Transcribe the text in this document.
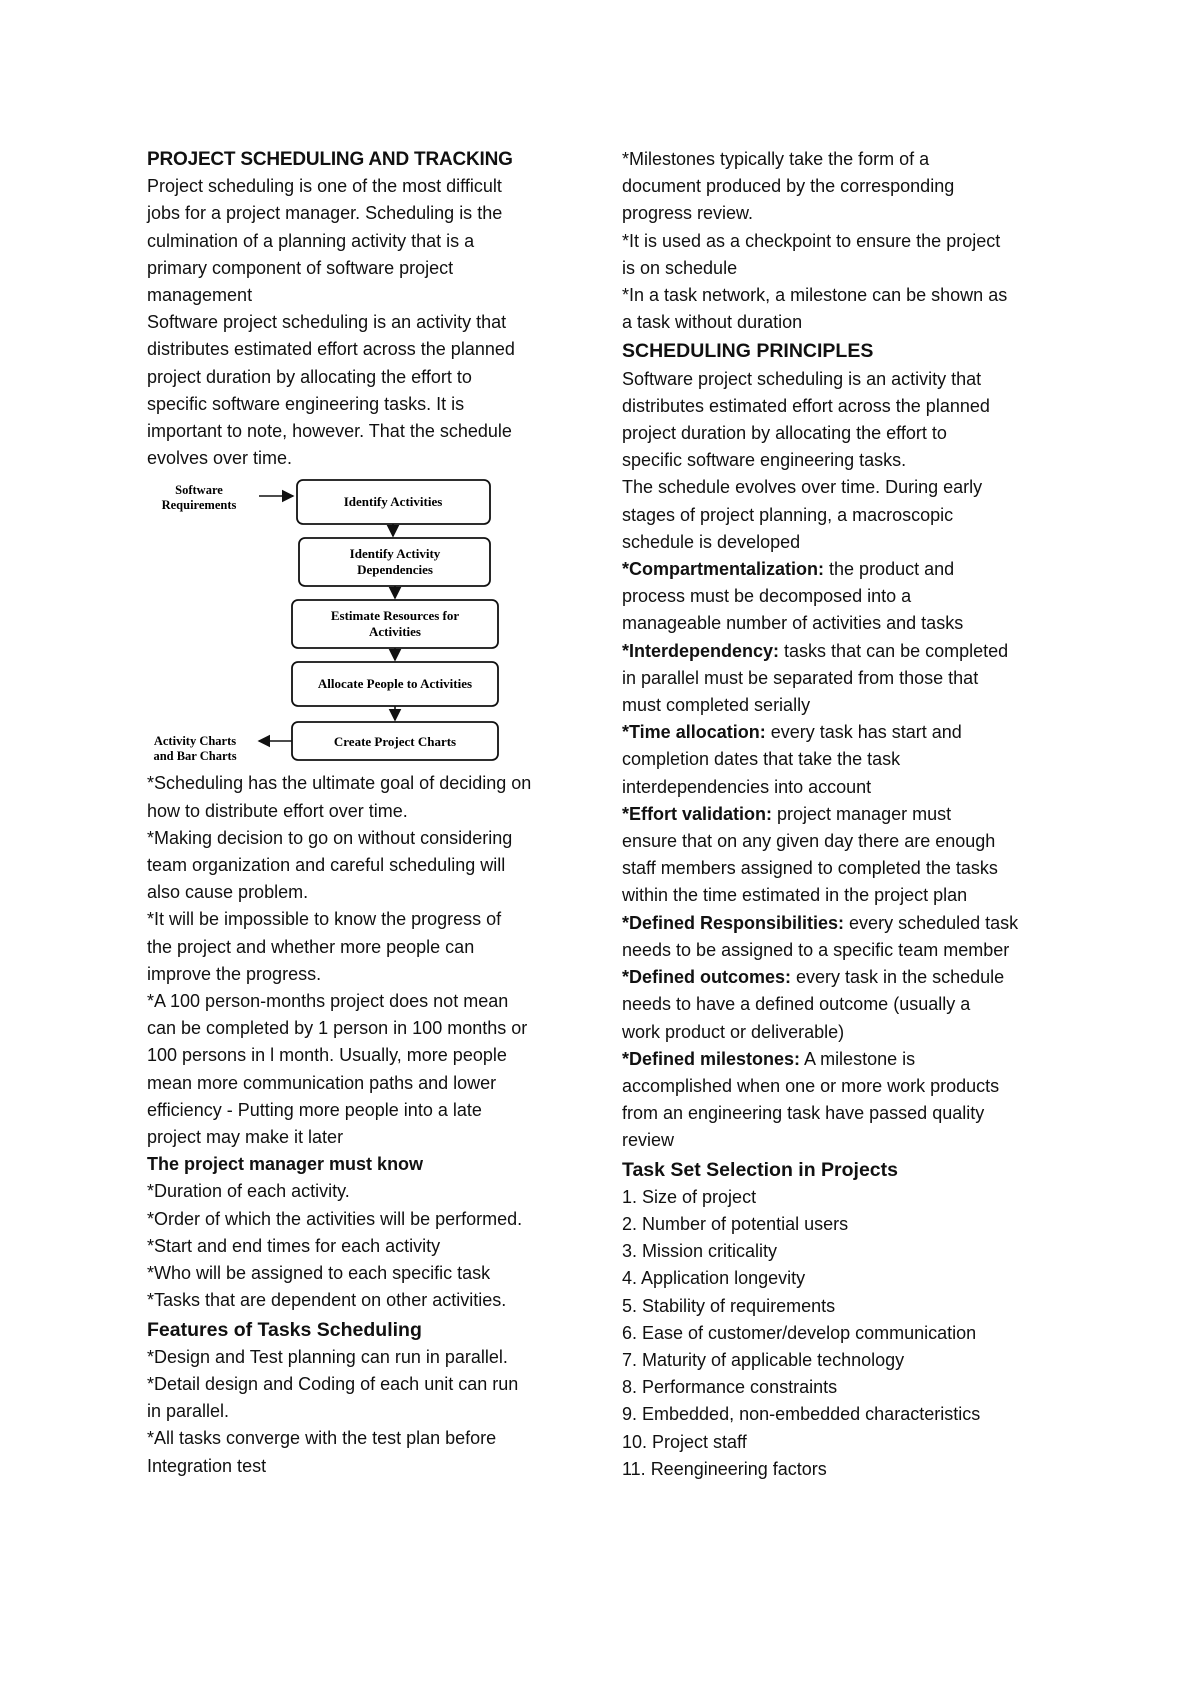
PROJECT SCHEDULING AND TRACKING
Project scheduling is one of the most difficult
jobs for a project manager. Scheduling is the
culmination of a planning activity that is a
primary component of software project
management
Software project scheduling is an activity that
distributes estimated effort across the planned
project duration by allocating the effort to
specific software engineering tasks. It is
important to note, however. That the schedule
evolves over time.
Software
Requirements	Identify Activities
Identify Activity
Dependencies
Estimate Resources for
Activities
Allocate People to Activities
Create Project Charts
Activity Charts
and Bar Charts
*Scheduling has the ultimate goal of deciding on
how to distribute effort over time.
*Making decision to go on without considering
team organization and careful scheduling will
also cause problem.
*It will be impossible to know the progress of
the project and whether more people can
improve the progress.
*A 100 person-months project does not mean
can be completed by 1 person in 100 months or
100 persons in l month. Usually, more people
mean more communication paths and lower
efficiency - Putting more people into a late
project may make it later
The project manager must know
*Duration of each activity.
*Order of which the activities will be performed.
*Start and end times for each activity
*Who will be assigned to each specific task
*Tasks that are dependent on other activities.
Features of Tasks Scheduling
*Design and Test planning can run in parallel.
*Detail design and Coding of each unit can run
in parallel.
*All tasks converge with the test plan before
Integration test
*Milestones typically take the form of a
document produced by the corresponding
progress review.
*It is used as a checkpoint to ensure the project
is on schedule
*In a task network, a milestone can be shown as
a task without duration
SCHEDULING PRINCIPLES
Software project scheduling is an activity that
distributes estimated effort across the planned
project duration by allocating the effort to
specific software engineering tasks.
The schedule evolves over time. During early
stages of project planning, a macroscopic
schedule is developed
*Compartmentalization: the product and
process must be decomposed into a
manageable number of activities and tasks
*Interdependency: tasks that can be completed
in parallel must be separated from those that
must completed serially
*Time allocation: every task has start and
completion dates that take the task
interdependencies into account
*Effort validation: project manager must
ensure that on any given day there are enough
staff members assigned to completed the tasks
within the time estimated in the project plan
*Defined Responsibilities: every scheduled task
needs to be assigned to a specific team member
*Defined outcomes: every task in the schedule
needs to have a defined outcome (usually a
work product or deliverable)
*Defined milestones: A milestone is
accomplished when one or more work products
from an engineering task have passed quality
review
Task Set Selection in Projects
1. Size of project
2. Number of potential users
3. Mission criticality
4. Application longevity
5. Stability of requirements
6. Ease of customer/develop communication
7. Maturity of applicable technology
8. Performance constraints
9. Embedded, non-embedded characteristics
10. Project staff
11. Reengineering factors
